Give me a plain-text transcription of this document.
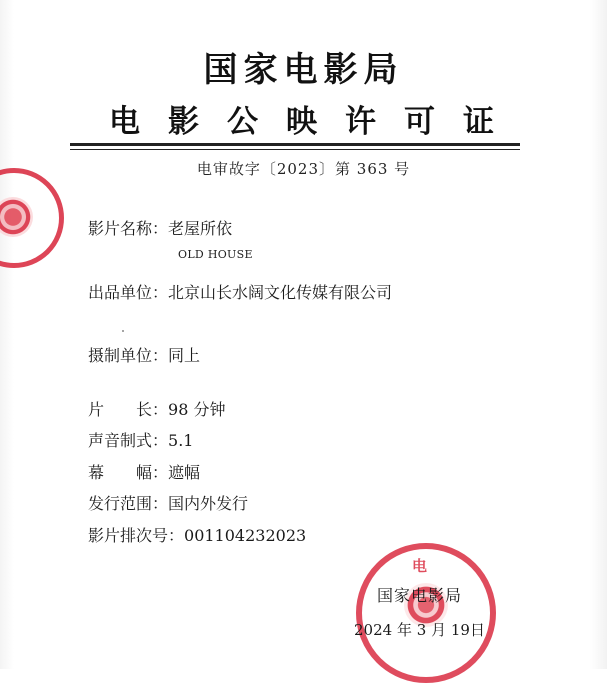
国家电影局
电影公映许可证
电审故字〔2023〕第 363 号
影片名称：老屋所依
OLD HOUSE
出品单位：北京山长水阔文化传媒有限公司
摄制单位：同上
片　　长：98 分钟
声音制式：5.1
幕　　幅：遮幅
发行范围：国内外发行
影片排次号：001104232023
电
国家电影局
2024 年 3 月 19日
